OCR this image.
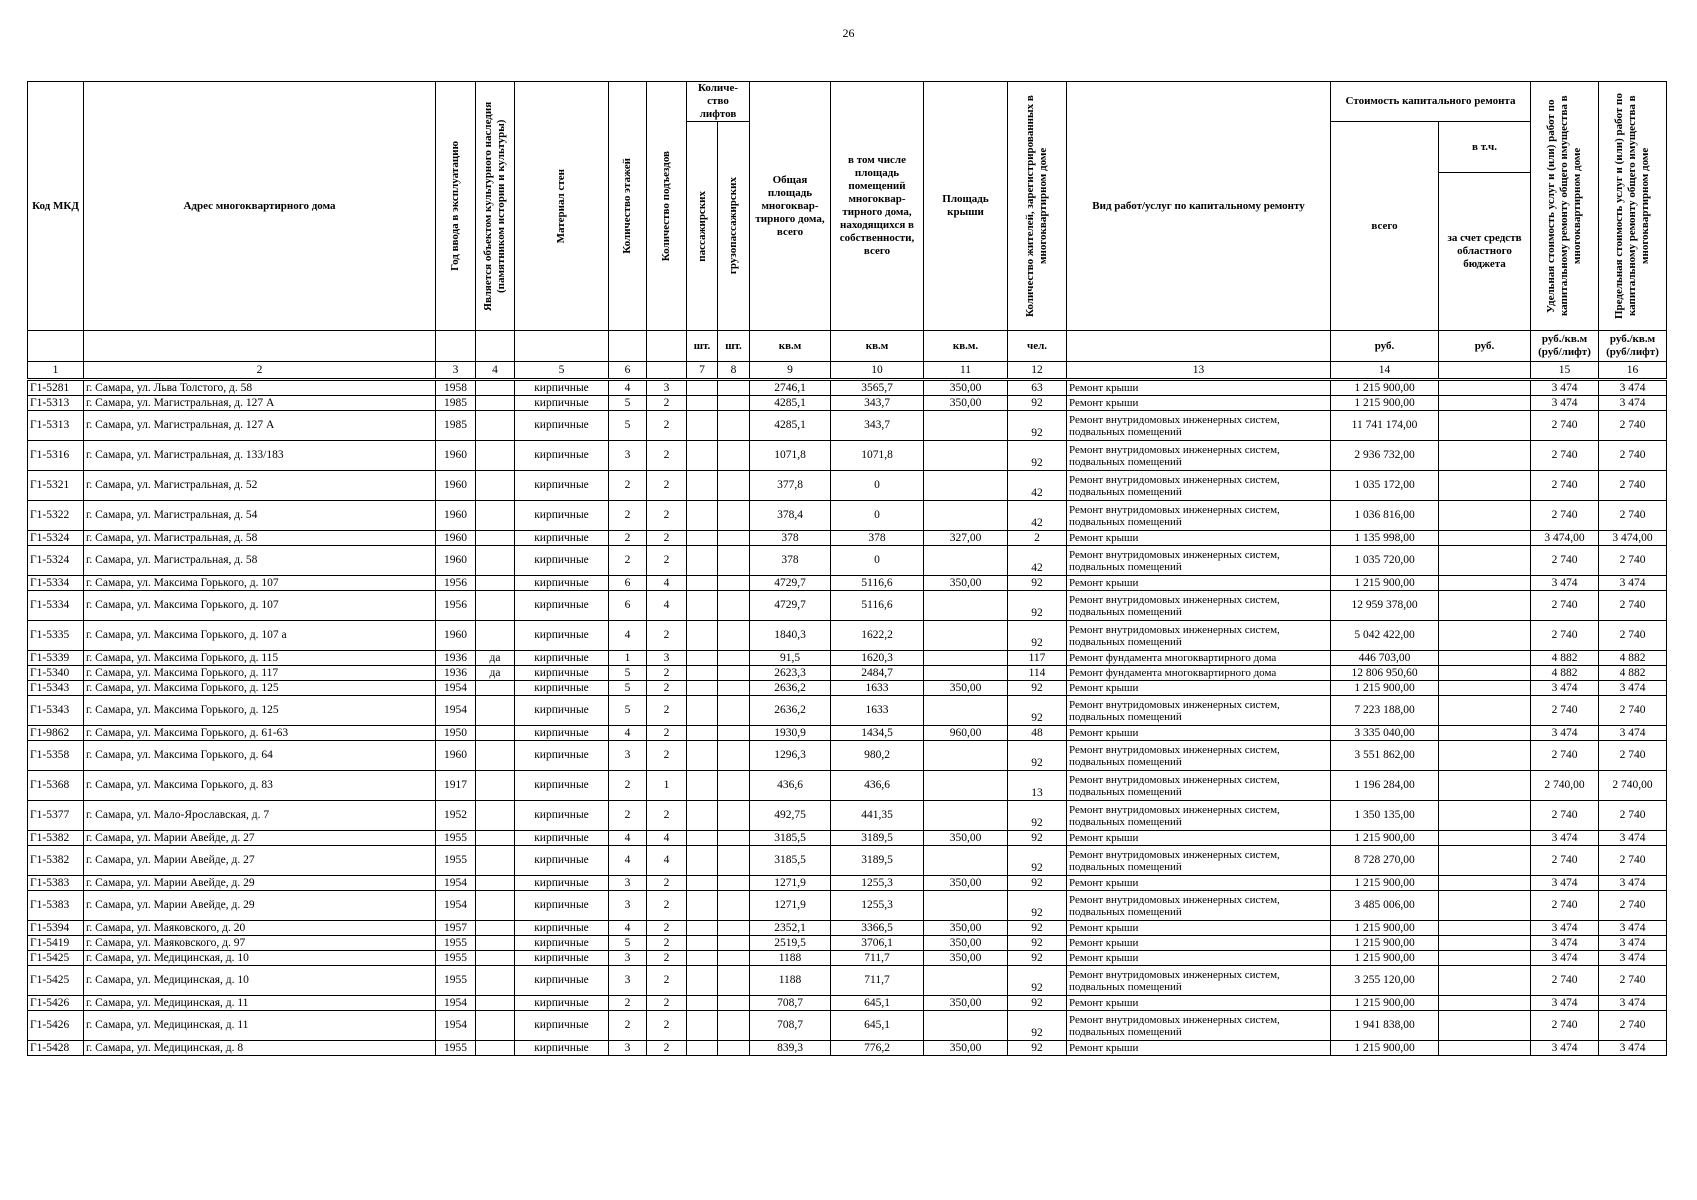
26
Код МКД	Адрес многоквартирного дома	Год ввода в эксплуатацию	Является объектом культурного наследия (памятником истории и культуры)	Материал стен	Количество этажей	Количество подъездов	Количе-ство лифтов		Общая площадь многоквар-тирного дома, всего	в том числе площадь помещений многоквар-тирного дома, находящихся в собственности, всего	Площадь крыши	Количество жителей, зарегистрированных в многоквартирном доме	Вид работ/услуг по капитальному ремонту	Стоимость капитального ремонта		Удельная стоимость услуг и (или) работ по капитальному ремонту общего имущества в многоквартирном доме	Предельная стоимость услуг и (или) работ по капитальному ремонту общего имущества в многоквартирном доме

							пассажирских	грузопассажирских						всего	в т.ч.		
															за счет средств областного бюджета		
							шт.	шт.	кв.м	кв.м	кв.м.	чел.		руб.	руб.	руб./кв.м (руб/лифт)	руб./кв.м (руб/лифт)
1	2	3	4	5	6		7	8	9	10	11	12	13	14		15	16
Г1-5281	г. Самара, ул. Льва Толстого, д. 58	1958		кирпичные	4	3			2746,1	3565,7	350,00	63	Ремонт крыши	1 215 900,00		3 474	3 474
Г1-5313	г. Самара, ул. Магистральная, д. 127 А	1985		кирпичные	5	2			4285,1	343,7	350,00	92	Ремонт крыши	1 215 900,00		3 474	3 474
Г1-5313	г. Самара, ул. Магистральная, д. 127 А	1985		кирпичные	5	2			4285,1	343,7		92	Ремонт внутридомовых инженерных систем, подвальных помещений	11 741 174,00		2 740	2 740
Г1-5316	г. Самара, ул. Магистральная, д. 133/183	1960		кирпичные	3	2			1071,8	1071,8		92	Ремонт внутридомовых инженерных систем, подвальных помещений	2 936 732,00		2 740	2 740
Г1-5321	г. Самара, ул. Магистральная, д. 52	1960		кирпичные	2	2			377,8	0		42	Ремонт внутридомовых инженерных систем, подвальных помещений	1 035 172,00		2 740	2 740
Г1-5322	г. Самара, ул. Магистральная, д. 54	1960		кирпичные	2	2			378,4	0		42	Ремонт внутридомовых инженерных систем, подвальных помещений	1 036 816,00		2 740	2 740
Г1-5324	г. Самара, ул. Магистральная, д. 58	1960		кирпичные	2	2			378	378	327,00	2	Ремонт крыши	1 135 998,00		3 474,00	3 474,00
Г1-5324	г. Самара, ул. Магистральная, д. 58	1960		кирпичные	2	2			378	0		42	Ремонт внутридомовых инженерных систем, подвальных помещений	1 035 720,00		2 740	2 740
Г1-5334	г. Самара, ул. Максима Горького, д. 107	1956		кирпичные	6	4			4729,7	5116,6	350,00	92	Ремонт крыши	1 215 900,00		3 474	3 474
Г1-5334	г. Самара, ул. Максима Горького, д. 107	1956		кирпичные	6	4			4729,7	5116,6		92	Ремонт внутридомовых инженерных систем, подвальных помещений	12 959 378,00		2 740	2 740
Г1-5335	г. Самара, ул. Максима Горького, д. 107 а	1960		кирпичные	4	2			1840,3	1622,2		92	Ремонт внутридомовых инженерных систем, подвальных помещений	5 042 422,00		2 740	2 740
Г1-5339	г. Самара, ул. Максима Горького, д. 115	1936	да	кирпичные	1	3			91,5	1620,3		117	Ремонт фундамента многоквартирного дома	446 703,00		4 882	4 882
Г1-5340	г. Самара, ул. Максима Горького, д. 117	1936	да	кирпичные	5	2			2623,3	2484,7		114	Ремонт фундамента многоквартирного дома	12 806 950,60		4 882	4 882
Г1-5343	г. Самара, ул. Максима Горького, д. 125	1954		кирпичные	5	2			2636,2	1633	350,00	92	Ремонт крыши	1 215 900,00		3 474	3 474
Г1-5343	г. Самара, ул. Максима Горького, д. 125	1954		кирпичные	5	2			2636,2	1633		92	Ремонт внутридомовых инженерных систем, подвальных помещений	7 223 188,00		2 740	2 740
Г1-9862	г. Самара, ул. Максима Горького, д. 61-63	1950		кирпичные	4	2			1930,9	1434,5	960,00	48	Ремонт крыши	3 335 040,00		3 474	3 474
Г1-5358	г. Самара, ул. Максима Горького, д. 64	1960		кирпичные	3	2			1296,3	980,2		92	Ремонт внутридомовых инженерных систем, подвальных помещений	3 551 862,00		2 740	2 740
Г1-5368	г. Самара, ул. Максима Горького, д. 83	1917		кирпичные	2	1			436,6	436,6		13	Ремонт внутридомовых инженерных систем, подвальных помещений	1 196 284,00		2 740,00	2 740,00
Г1-5377	г. Самара, ул. Мало-Ярославская, д. 7	1952		кирпичные	2	2			492,75	441,35		92	Ремонт внутридомовых инженерных систем, подвальных помещений	1 350 135,00		2 740	2 740
Г1-5382	г. Самара, ул. Марии Авейде, д. 27	1955		кирпичные	4	4			3185,5	3189,5	350,00	92	Ремонт крыши	1 215 900,00		3 474	3 474
Г1-5382	г. Самара, ул. Марии Авейде, д. 27	1955		кирпичные	4	4			3185,5	3189,5		92	Ремонт внутридомовых инженерных систем, подвальных помещений	8 728 270,00		2 740	2 740
Г1-5383	г. Самара, ул. Марии Авейде, д. 29	1954		кирпичные	3	2			1271,9	1255,3	350,00	92	Ремонт крыши	1 215 900,00		3 474	3 474
Г1-5383	г. Самара, ул. Марии Авейде, д. 29	1954		кирпичные	3	2			1271,9	1255,3		92	Ремонт внутридомовых инженерных систем, подвальных помещений	3 485 006,00		2 740	2 740
Г1-5394	г. Самара, ул. Маяковского, д. 20	1957		кирпичные	4	2			2352,1	3366,5	350,00	92	Ремонт крыши	1 215 900,00		3 474	3 474
Г1-5419	г. Самара, ул. Маяковского, д. 97	1955		кирпичные	5	2			2519,5	3706,1	350,00	92	Ремонт крыши	1 215 900,00		3 474	3 474
Г1-5425	г. Самара, ул. Медицинская, д. 10	1955		кирпичные	3	2			1188	711,7	350,00	92	Ремонт крыши	1 215 900,00		3 474	3 474
Г1-5425	г. Самара, ул. Медицинская, д. 10	1955		кирпичные	3	2			1188	711,7		92	Ремонт внутридомовых инженерных систем, подвальных помещений	3 255 120,00		2 740	2 740
Г1-5426	г. Самара, ул. Медицинская, д. 11	1954		кирпичные	2	2			708,7	645,1	350,00	92	Ремонт крыши	1 215 900,00		3 474	3 474
Г1-5426	г. Самара, ул. Медицинская, д. 11	1954		кирпичные	2	2			708,7	645,1		92	Ремонт внутридомовых инженерных систем, подвальных помещений	1 941 838,00		2 740	2 740
Г1-5428	г. Самара, ул. Медицинская, д. 8	1955		кирпичные	3	2			839,3	776,2	350,00	92	Ремонт крыши	1 215 900,00		3 474	3 474
